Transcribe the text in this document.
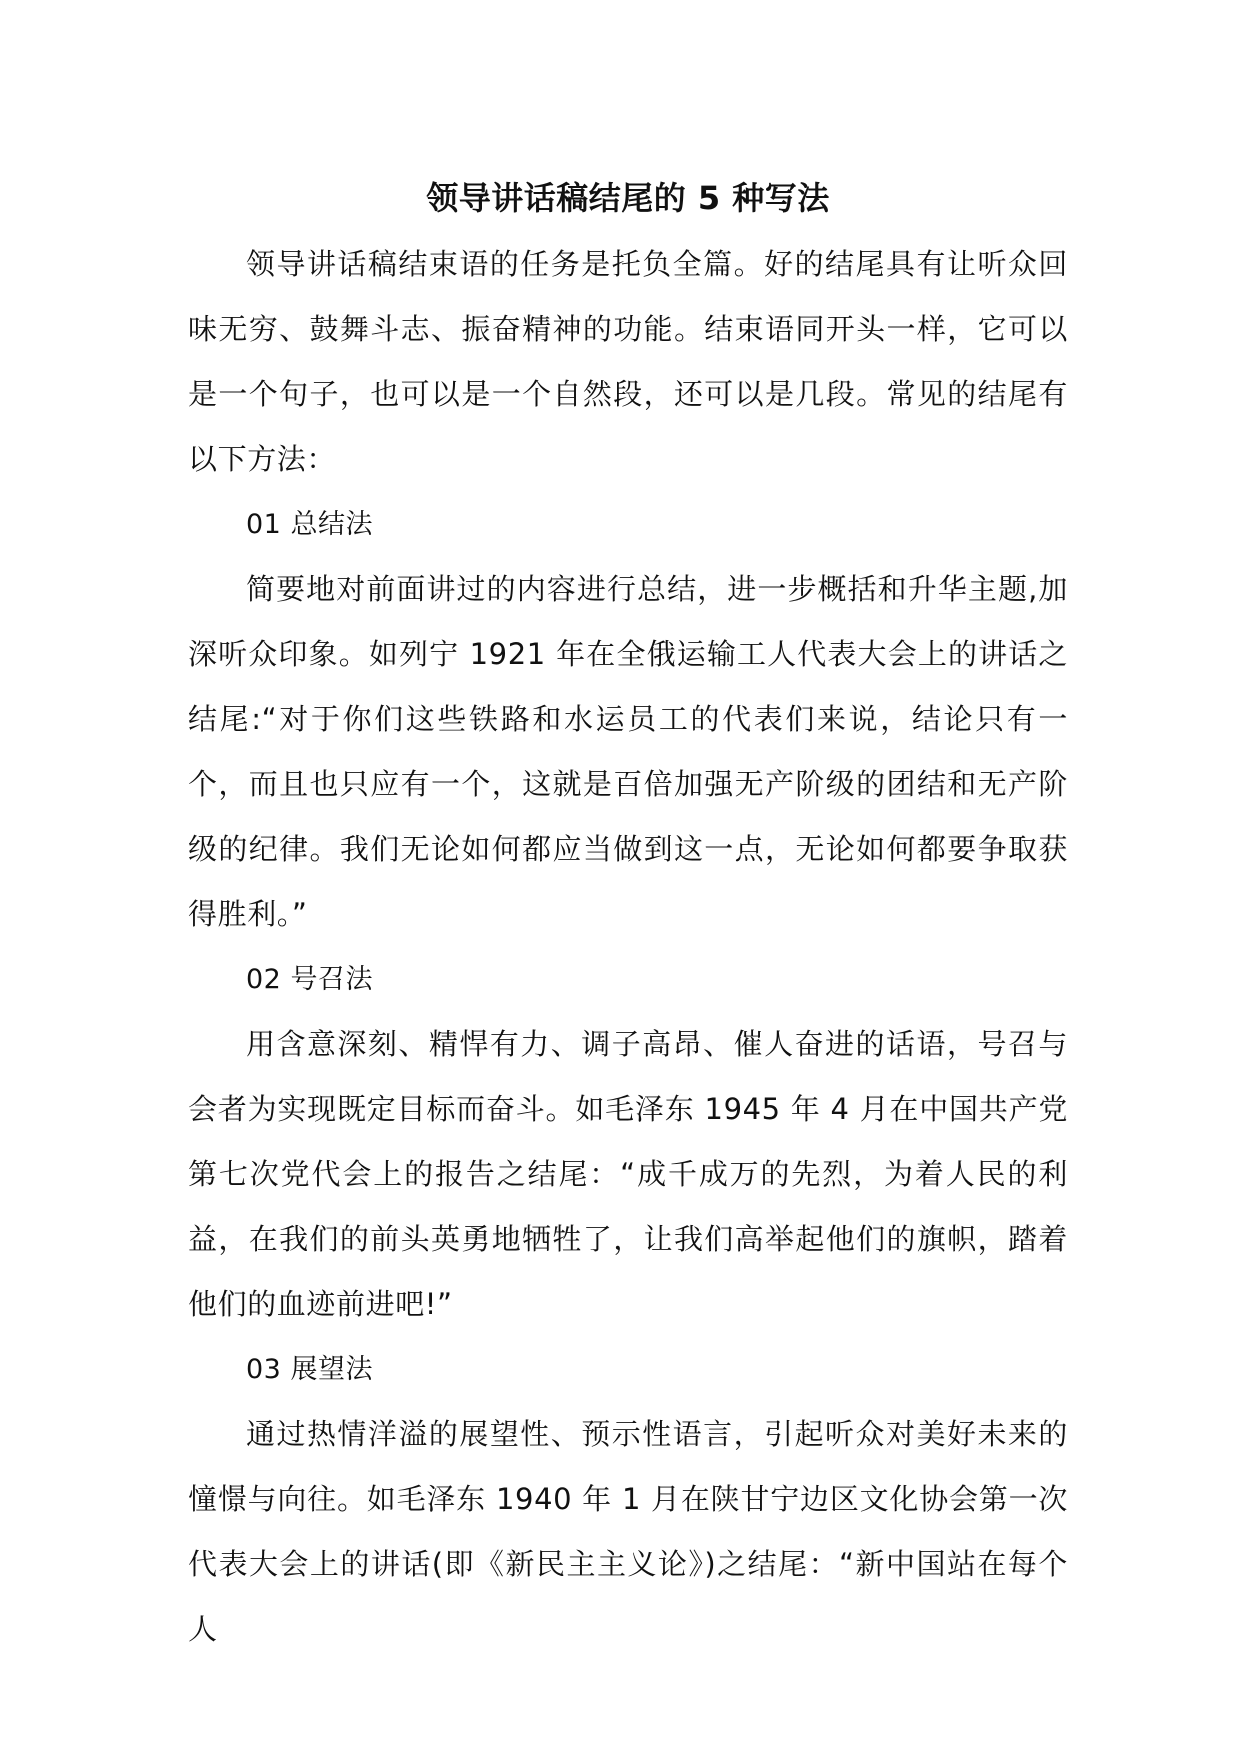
领导讲话稿结尾的 5 种写法

领导讲话稿结束语的任务是托负全篇。好的结尾具有让听众回味无穷、鼓舞斗志、振奋精神的功能。结束语同开头一样，它可以是一个句子，也可以是一个自然段，还可以是几段。常见的结尾有以下方法：

01 总结法

简要地对前面讲过的内容进行总结，进一步概括和升华主题,加深听众印象。如列宁 1921 年在全俄运输工人代表大会上的讲话之结尾:“对于你们这些铁路和水运员工的代表们来说，结论只有一个，而且也只应有一个，这就是百倍加强无产阶级的团结和无产阶级的纪律。我们无论如何都应当做到这一点，无论如何都要争取获得胜利。”

02 号召法

用含意深刻、精悍有力、调子高昂、催人奋进的话语，号召与会者为实现既定目标而奋斗。如毛泽东 1945 年 4 月在中国共产党第七次党代会上的报告之结尾：“成千成万的先烈，为着人民的利益，在我们的前头英勇地牺牲了，让我们高举起他们的旗帜，踏着他们的血迹前进吧!”

03 展望法

通过热情洋溢的展望性、预示性语言，引起听众对美好未来的憧憬与向往。如毛泽东 1940 年 1 月在陕甘宁边区文化协会第一次代表大会上的讲话(即《新民主主义论》)之结尾：“新中国站在每个人
